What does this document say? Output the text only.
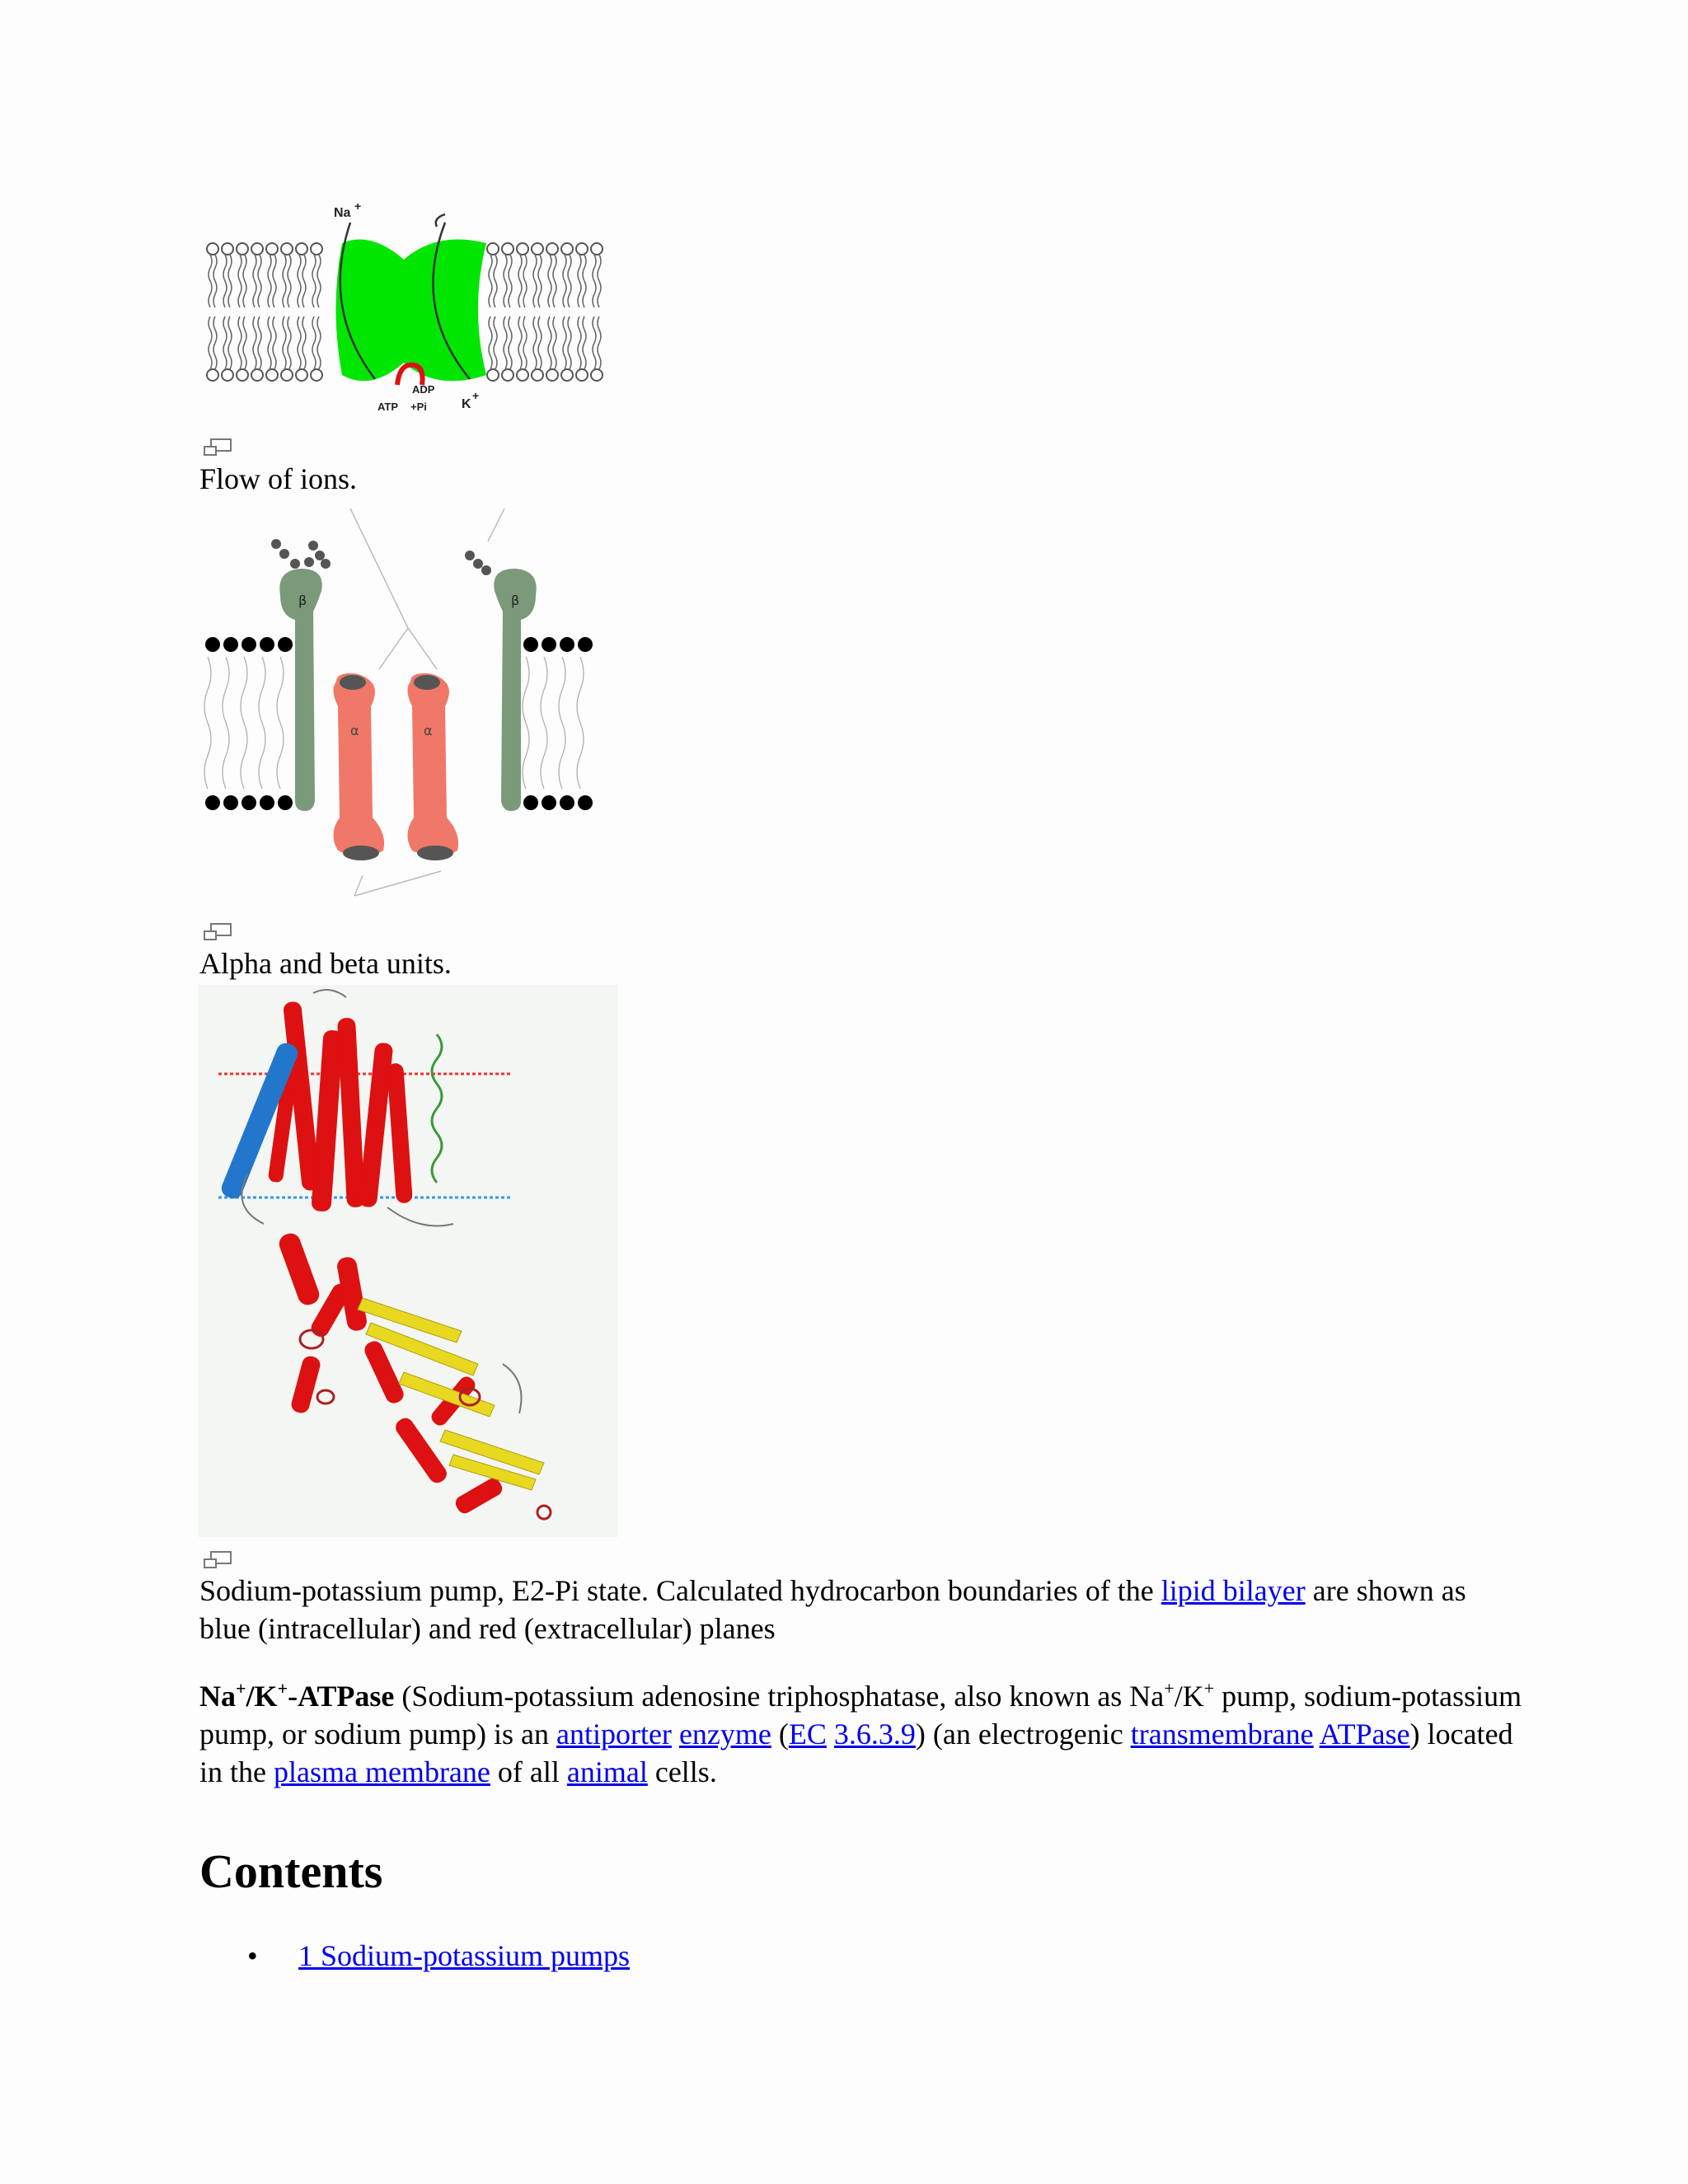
Na +
K
+
ADP
ATP +Pi
Flow of ions.
β	β
α	α
Alpha and beta units.
Sodium-potassium pump, E2-Pi state. Calculated hydrocarbon boundaries of the lipid bilayer are shown as blue (intracellular) and red (extracellular) planes
Na+/K+-ATPase (Sodium-potassium adenosine triphosphatase, also known as Na+/K+ pump, sodium-potassium pump, or sodium pump) is an antiporter enzyme (EC 3.6.3.9) (an electrogenic transmembrane ATPase) located in the plasma membrane of all animal cells.
Contents
• 1 Sodium-potassium pumps
